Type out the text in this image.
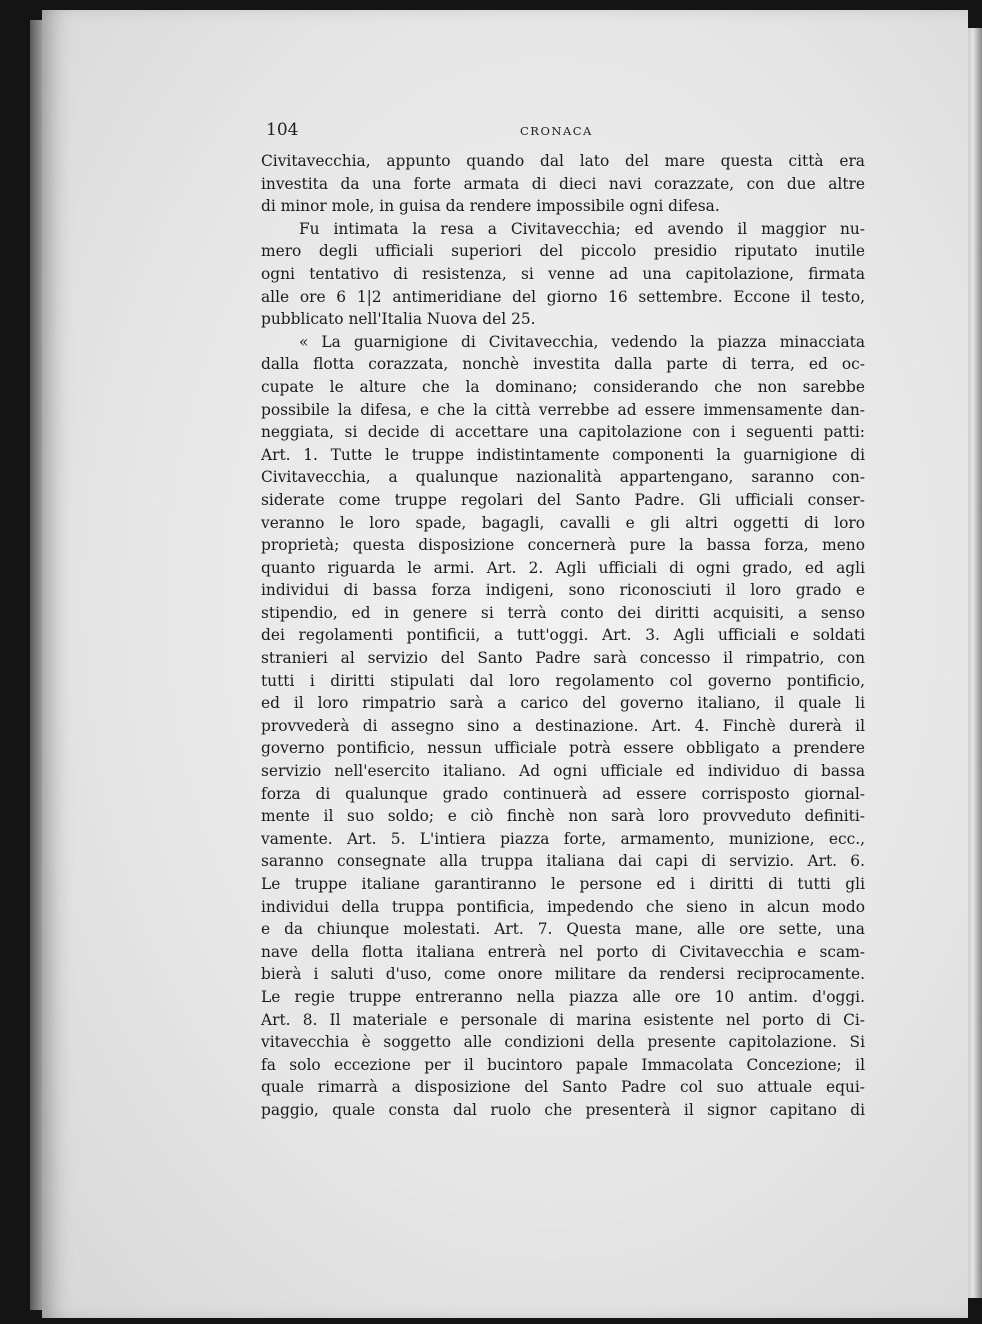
104	CRONACA
Civitavecchia, appunto quando dal lato del mare questa città era
investita da una forte armata di dieci navi corazzate, con due altre
di minor mole, in guisa da rendere impossibile ogni difesa.
Fu intimata la resa a Civitavecchia; ed avendo il maggior nu-
mero degli ufficiali superiori del piccolo presidio riputato inutile
ogni tentativo di resistenza, si venne ad una capitolazione, firmata
alle ore 6 1|2 antimeridiane del giorno 16 settembre. Eccone il testo,
pubblicato nell'Italia Nuova del 25.
« La guarnigione di Civitavecchia, vedendo la piazza minacciata
dalla flotta corazzata, nonchè investita dalla parte di terra, ed oc-
cupate le alture che la dominano; considerando che non sarebbe
possibile la difesa, e che la città verrebbe ad essere immensamente dan-
neggiata, si decide di accettare una capitolazione con i seguenti patti:
Art. 1. Tutte le truppe indistintamente componenti la guarnigione di
Civitavecchia, a qualunque nazionalità appartengano, saranno con-
siderate come truppe regolari del Santo Padre. Gli ufficiali conser-
veranno le loro spade, bagagli, cavalli e gli altri oggetti di loro
proprietà; questa disposizione concernerà pure la bassa forza, meno
quanto riguarda le armi. Art. 2. Agli ufficiali di ogni grado, ed agli
individui di bassa forza indigeni, sono riconosciuti il loro grado e
stipendio, ed in genere si terrà conto dei diritti acquisiti, a senso
dei regolamenti pontificii, a tutt'oggi. Art. 3. Agli ufficiali e soldati
stranieri al servizio del Santo Padre sarà concesso il rimpatrio, con
tutti i diritti stipulati dal loro regolamento col governo pontificio,
ed il loro rimpatrio sarà a carico del governo italiano, il quale li
provvederà di assegno sino a destinazione. Art. 4. Finchè durerà il
governo pontificio, nessun ufficiale potrà essere obbligato a prendere
servizio nell'esercito italiano. Ad ogni ufficiale ed individuo di bassa
forza di qualunque grado continuerà ad essere corrisposto giornal-
mente il suo soldo; e ciò finchè non sarà loro provveduto definiti-
vamente. Art. 5. L'intiera piazza forte, armamento, munizione, ecc.,
saranno consegnate alla truppa italiana dai capi di servizio. Art. 6.
Le truppe italiane garantiranno le persone ed i diritti di tutti gli
individui della truppa pontificia, impedendo che sieno in alcun modo
e da chiunque molestati. Art. 7. Questa mane, alle ore sette, una
nave della flotta italiana entrerà nel porto di Civitavecchia e scam-
bierà i saluti d'uso, come onore militare da rendersi reciprocamente.
Le regie truppe entreranno nella piazza alle ore 10 antim. d'oggi.
Art. 8. Il materiale e personale di marina esistente nel porto di Ci-
vitavecchia è soggetto alle condizioni della presente capitolazione. Si
fa solo eccezione per il bucintoro papale Immacolata Concezione; il
quale rimarrà a disposizione del Santo Padre col suo attuale equi-
paggio, quale consta dal ruolo che presenterà il signor capitano di
